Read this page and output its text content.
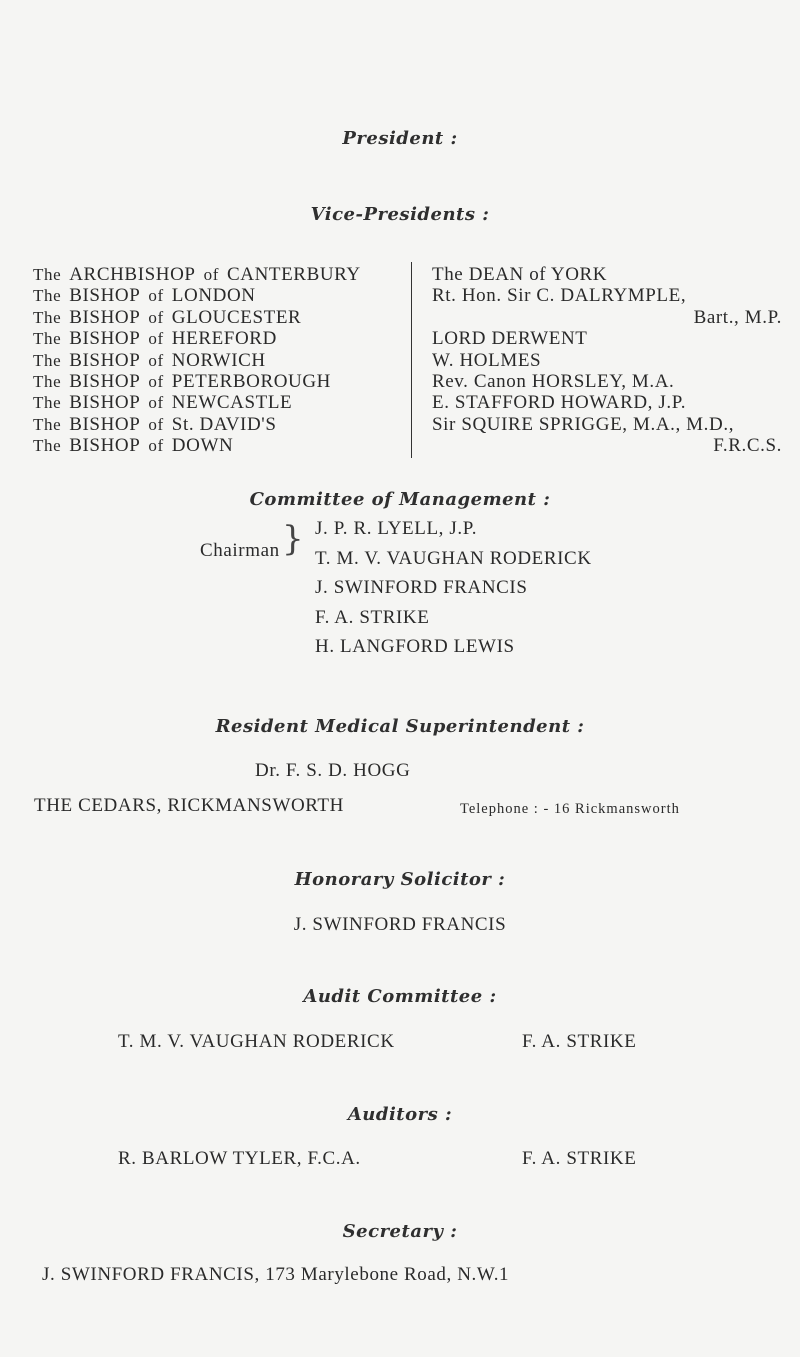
President :
Vice-Presidents :
The ARCHBISHOP of CANTERBURY
The BISHOP of LONDON
The BISHOP of GLOUCESTER
The BISHOP of HEREFORD
The BISHOP of NORWICH
The BISHOP of PETERBOROUGH
The BISHOP of NEWCASTLE
The BISHOP of St. DAVID'S
The BISHOP of DOWN
The DEAN of YORK
Rt. Hon. Sir C. DALRYMPLE,
Bart., M.P.
LORD DERWENT
W. HOLMES
Rev. Canon HORSLEY, M.A.
E. STAFFORD HOWARD, J.P.
Sir SQUIRE SPRIGGE, M.A., M.D.,
F.R.C.S.
Committee of Management :
Chairman } J. P. R. LYELL, J.P.
T. M. V. VAUGHAN RODERICK
J. SWINFORD FRANCIS
F. A. STRIKE
H. LANGFORD LEWIS
Resident Medical Superintendent :
Dr. F. S. D. HOGG
THE CEDARS, RICKMANSWORTH	Telephone : - 16 Rickmansworth
Honorary Solicitor :
J. SWINFORD FRANCIS
Audit Committee :
T. M. V. VAUGHAN RODERICK	F. A. STRIKE
Auditors :
R. BARLOW TYLER, F.C.A.	F. A. STRIKE
Secretary :
J. SWINFORD FRANCIS, 173 Marylebone Road, N.W.1
